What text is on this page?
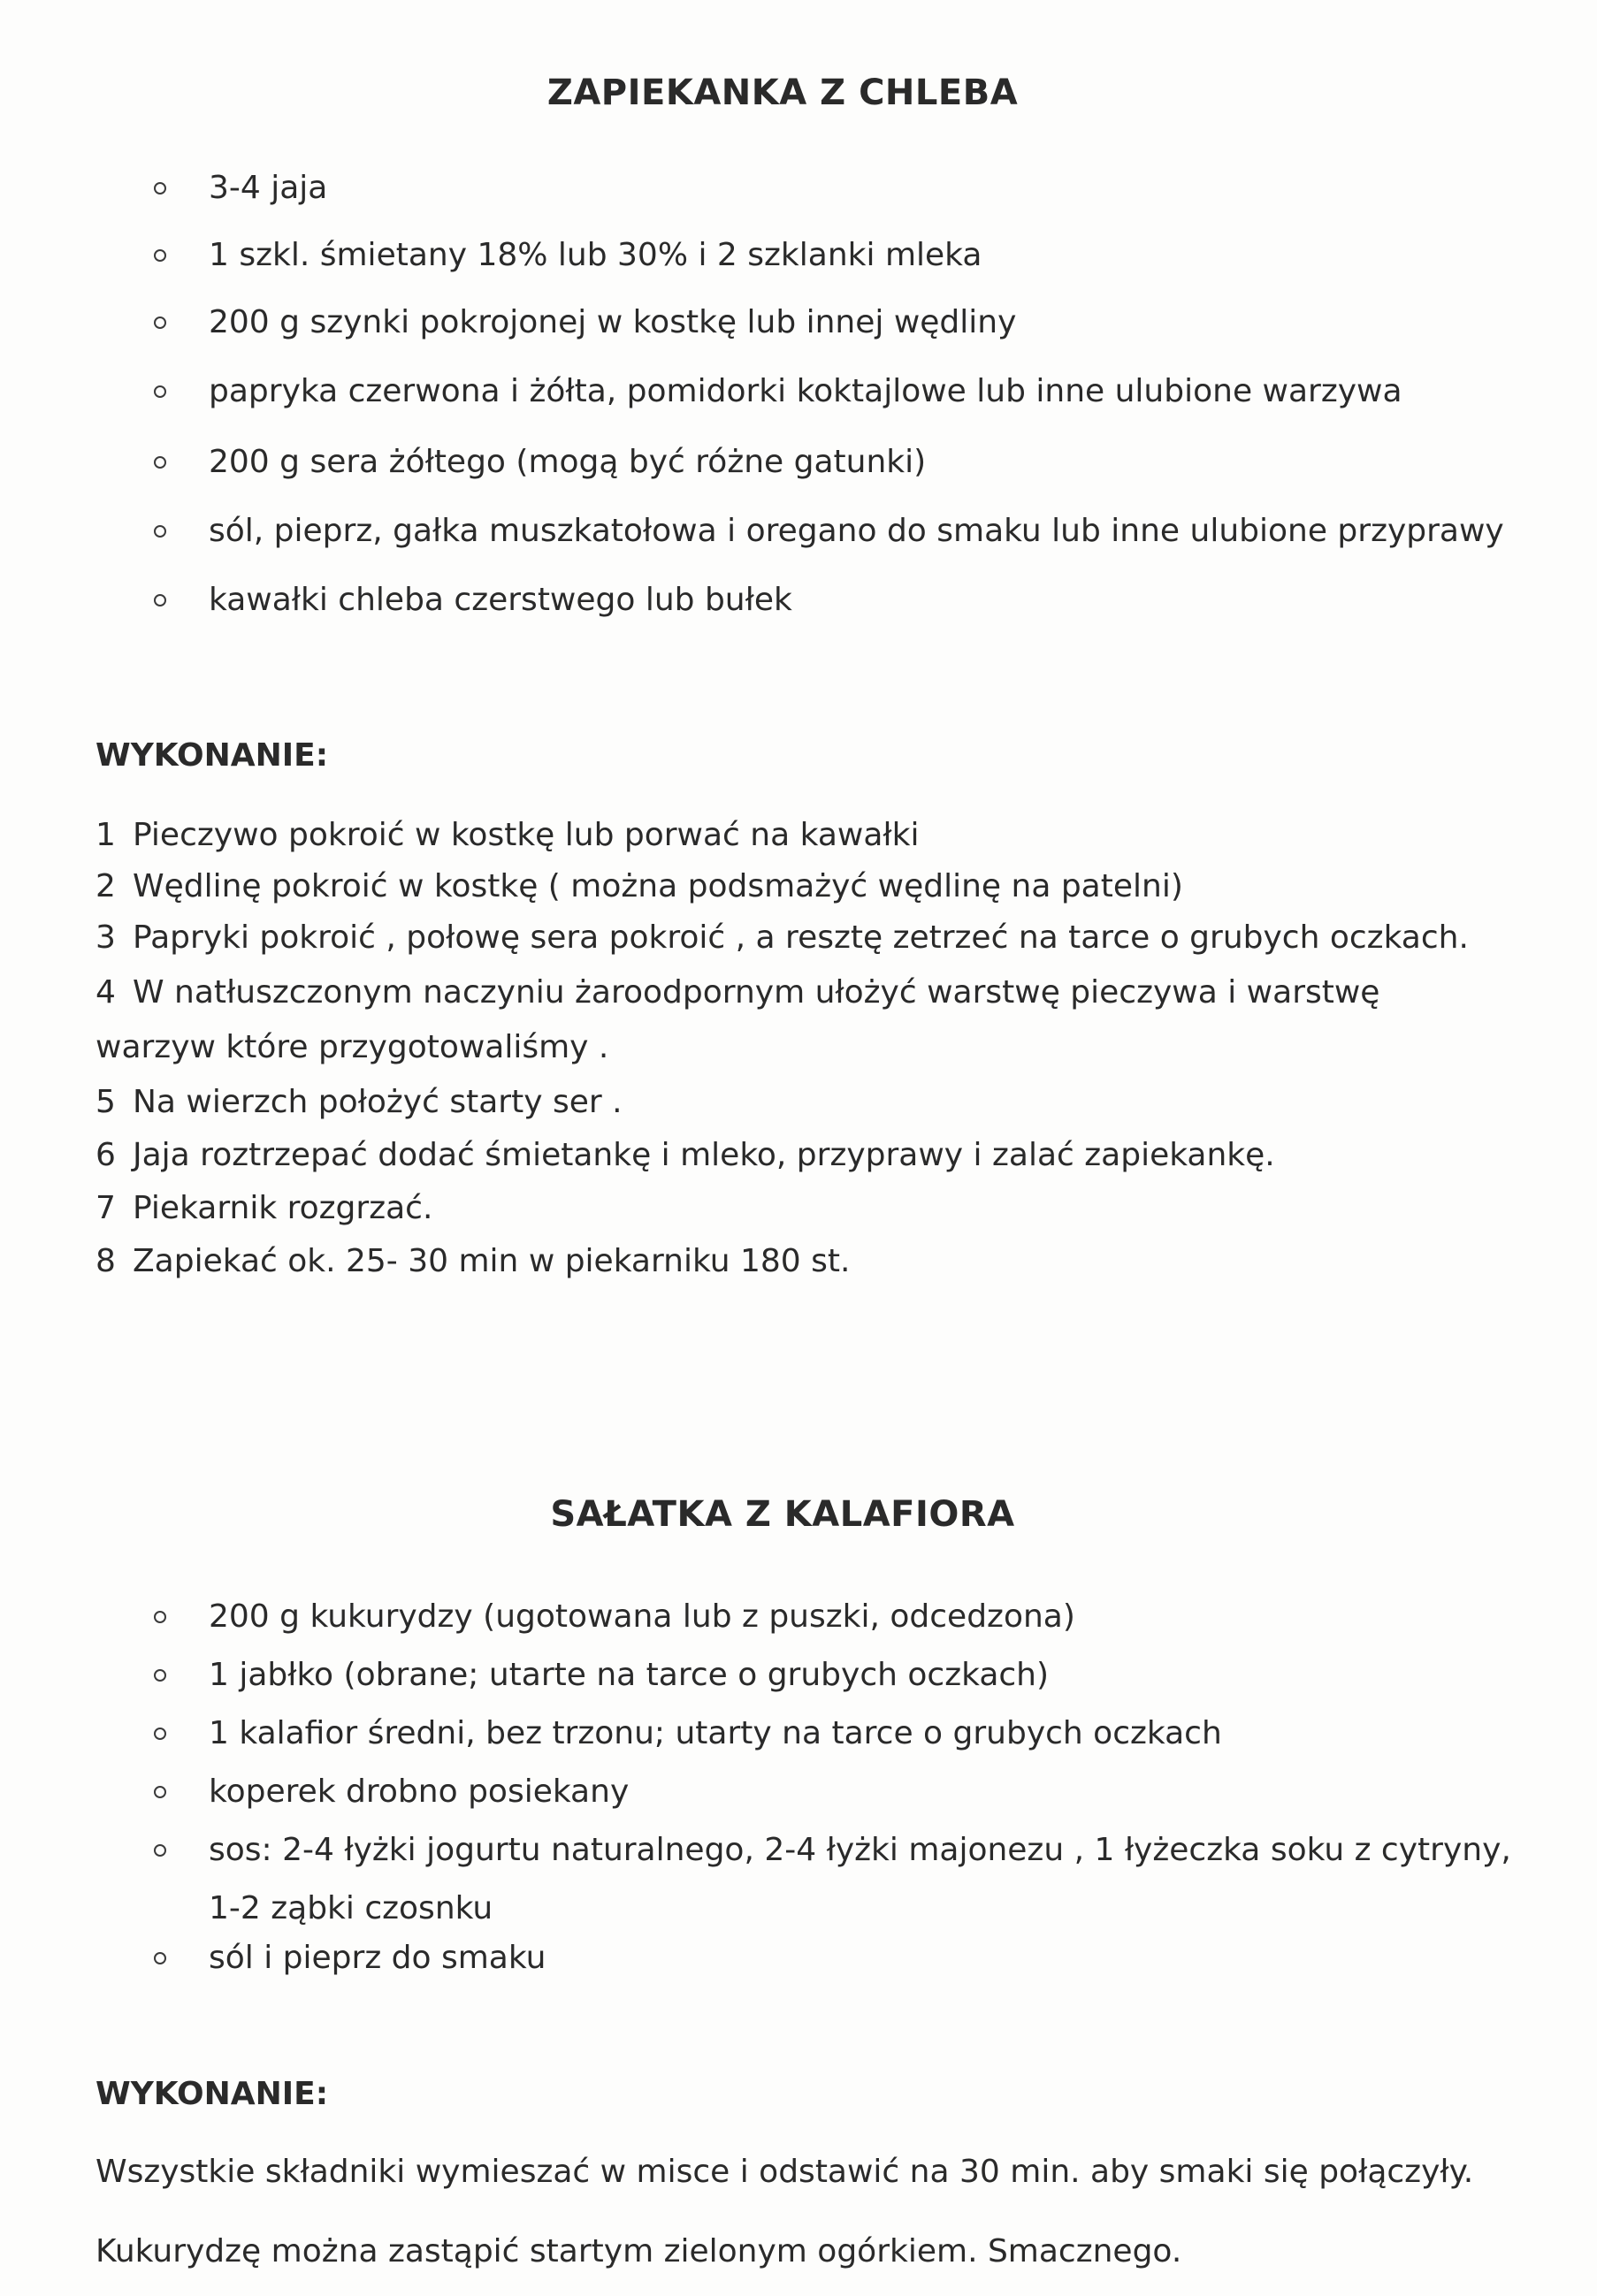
ZAPIEKANKA Z CHLEBA
3-4 jaja
1 szkl. śmietany 18% lub 30% i 2 szklanki mleka
200 g szynki pokrojonej w kostkę lub innej wędliny
papryka czerwona i żółta, pomidorki koktajlowe lub inne ulubione warzywa
200 g sera żółtego (mogą być różne gatunki)
sól, pieprz, gałka muszkatołowa i oregano do smaku lub inne ulubione przyprawy
kawałki chleba czerstwego lub bułek
WYKONANIE:
1 Pieczywo pokroić w kostkę lub porwać na kawałki
2 Wędlinę pokroić w kostkę ( można podsmażyć wędlinę na patelni)
3 Papryki pokroić , połowę sera pokroić , a resztę zetrzeć na tarce o grubych oczkach.
4 W natłuszczonym naczyniu żaroodpornym ułożyć warstwę pieczywa i warstwę
warzyw które przygotowaliśmy .
5 Na wierzch położyć starty ser .
6 Jaja roztrzepać dodać śmietankę i mleko, przyprawy i zalać zapiekankę.
7 Piekarnik rozgrzać.
8 Zapiekać ok. 25- 30 min w piekarniku 180 st.
SAŁATKA Z KALAFIORA
200 g kukurydzy (ugotowana lub z puszki, odcedzona)
1 jabłko (obrane; utarte na tarce o grubych oczkach)
1 kalafior średni, bez trzonu; utarty na tarce o grubych oczkach
koperek drobno posiekany
sos: 2-4 łyżki jogurtu naturalnego, 2-4 łyżki majonezu , 1 łyżeczka soku z cytryny, 1-2 ząbki czosnku
sól i pieprz do smaku
WYKONANIE:

Wszystkie składniki wymieszać w misce i odstawić na 30 min. aby smaki się połączyły.

Kukurydzę można zastąpić startym zielonym ogórkiem. Smacznego.
